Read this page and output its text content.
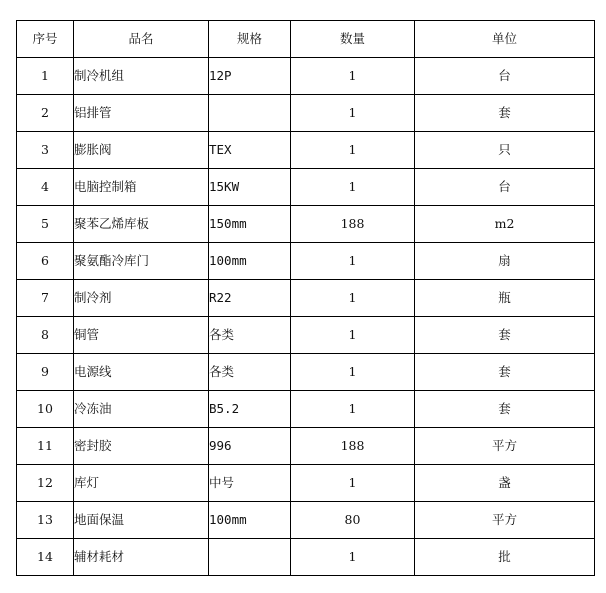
序号	品名	规格	数量	单位
1	制冷机组	12P	1	台
2	铝排管		1	套
3	膨胀阀	TEX	1	只
4	电脑控制箱	15KW	1	台
5	聚苯乙烯库板	150mm	188	m2
6	聚氨酯冷库门	100mm	1	扇
7	制冷剂	R22	1	瓶
8	铜管	各类	1	套
9	电源线	各类	1	套
10	冷冻油	B5.2	1	套
11	密封胶	996	188	平方
12	库灯	中号	1	盏
13	地面保温	100mm	80	平方
14	辅材耗材		1	批
